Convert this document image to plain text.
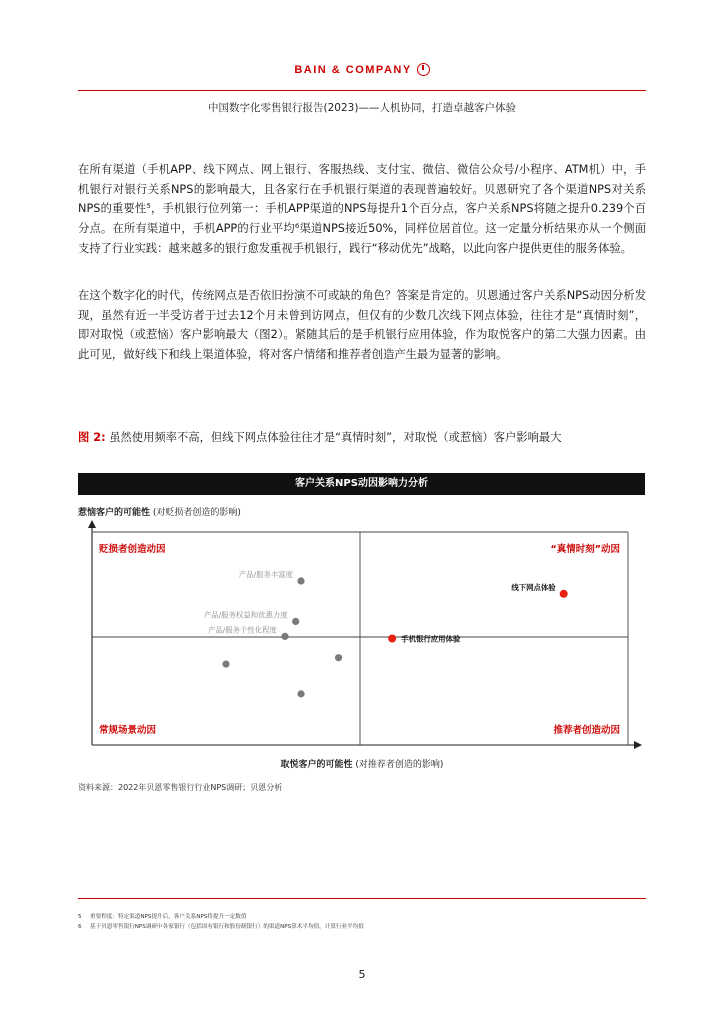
BAIN & COMPANY
中国数字化零售银行报告(2023)——人机协同，打造卓越客户体验

在所有渠道（手机APP、线下网点、网上银行、客服热线、支付宝、微信、微信公众号/小程序、ATM机）中，手机银行对银行关系NPS的影响最大，且各家行在手机银行渠道的表现普遍较好。贝恩研究了各个渠道NPS对关系NPS的重要性⁵，手机银行位列第一：手机APP渠道的NPS每提升1个百分点，客户关系NPS将随之提升0.239个百分点。在所有渠道中，手机APP的行业平均⁶渠道NPS接近50%，同样位居首位。这一定量分析结果亦从一个侧面支持了行业实践：越来越多的银行愈发重视手机银行，践行“移动优先”战略，以此向客户提供更佳的服务体验。

在这个数字化的时代，传统网点是否依旧扮演不可或缺的角色？答案是肯定的。贝恩通过客户关系NPS动因分析发现，虽然有近一半受访者于过去12个月未曾到访网点，但仅有的少数几次线下网点体验，往往才是“真情时刻”，即对取悦（或惹恼）客户影响最大（图2）。紧随其后的是手机银行应用体验，作为取悦客户的第二大强力因素。由此可见，做好线下和线上渠道体验，将对客户情绪和推荐者创造产生最为显著的影响。

图 2: 虽然使用频率不高，但线下网点体验往往才是“真情时刻”，对取悦（或惹恼）客户影响最大
客户关系NPS动因影响力分析
惹恼客户的可能性 (对贬损者创造的影响)
贬损者创造动因	“真情时刻”动因
常规场景动因	推荐者创造动因
产品/服务丰富度
产品/服务权益和优惠力度
产品/服务个性化程度
线下网点体验
手机银行应用体验
取悦客户的可能性 (对推荐者创造的影响)
资料来源：2022年贝恩零售银行行业NPS调研；贝恩分析

5 重要程度：特定渠道NPS提升后，客户关系NPS将提升一定数值

6 基于贝恩零售银行NPS调研中各家银行（包括国有银行和股份制银行）的渠道NPS算术平均值，计算行业平均值

5
